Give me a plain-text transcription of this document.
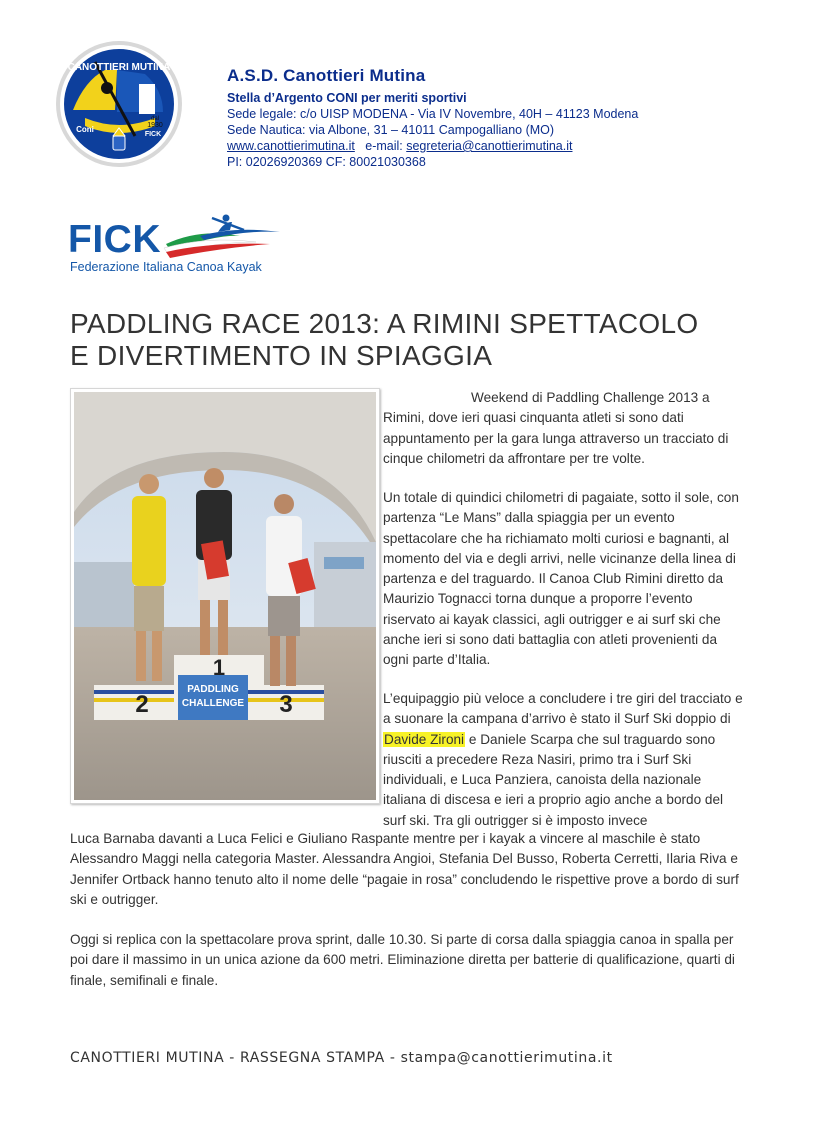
CANOTTIERI MUTINA
dal
1930
Coni
FICK
A.S.D. Canottieri Mutina
Stella d’Argento CONI per meriti sportivi
Sede legale: c/o UISP MODENA - Via IV Novembre, 40H – 41123 Modena
Sede Nautica: via Albone, 31 – 41011 Campogalliano (MO)
www.canottierimutina.it   e-mail: segreteria@canottierimutina.it
PI: 02026920369 CF: 80021030368
FICK
Federazione Italiana Canoa Kayak
PADDLING RACE 2013: A RIMINI SPETTACOLO
E DIVERTIMENTO IN SPIAGGIA
PADDLING
CHALLENGE
1
2	3

Weekend di Paddling Challenge 2013 a Rimini, dove ieri quasi cinquanta atleti si sono dati appuntamento per la gara lunga attraverso un tracciato di cinque chilometri da affrontare per tre volte.

Un totale di quindici chilometri di pagaiate, sotto il sole, con partenza “Le Mans” dalla spiaggia per un evento spettacolare che ha richiamato molti curiosi e bagnanti, al momento del via e degli arrivi, nelle vicinanze della linea di partenza e del traguardo. Il Canoa Club Rimini diretto da Maurizio Tognacci torna dunque a proporre l’evento riservato ai kayak classici, agli outrigger e ai surf ski che anche ieri si sono dati battaglia con atleti provenienti da ogni parte d’Italia.

L’equipaggio più veloce a concludere i tre giri del tracciato e a suonare la campana d’arrivo è stato il Surf Ski doppio di Davide Zironi e Daniele Scarpa che sul traguardo sono riusciti a precedere Reza Nasiri, primo tra i Surf Ski individuali, e Luca Panziera, canoista della nazionale italiana di discesa e ieri a proprio agio anche a bordo del surf ski. Tra gli outrigger si è imposto invece

Luca Barnaba davanti a Luca Felici e Giuliano Raspante mentre per i kayak a vincere al maschile è stato Alessandro Maggi nella categoria Master. Alessandra Angioi, Stefania Del Busso, Roberta Cerretti, Ilaria Riva e Jennifer Ortback hanno tenuto alto il nome delle “pagaie in rosa” concludendo le rispettive prove a bordo di surf ski e outrigger.

Oggi si replica con la spettacolare prova sprint, dalle 10.30. Si parte di corsa dalla spiaggia canoa in spalla per poi dare il massimo in un unica azione da 600 metri. Eliminazione diretta per batterie di qualificazione, quarti di finale, semifinali e finale.

CANOTTIERI MUTINA - RASSEGNA STAMPA - stampa@canottierimutina.it
